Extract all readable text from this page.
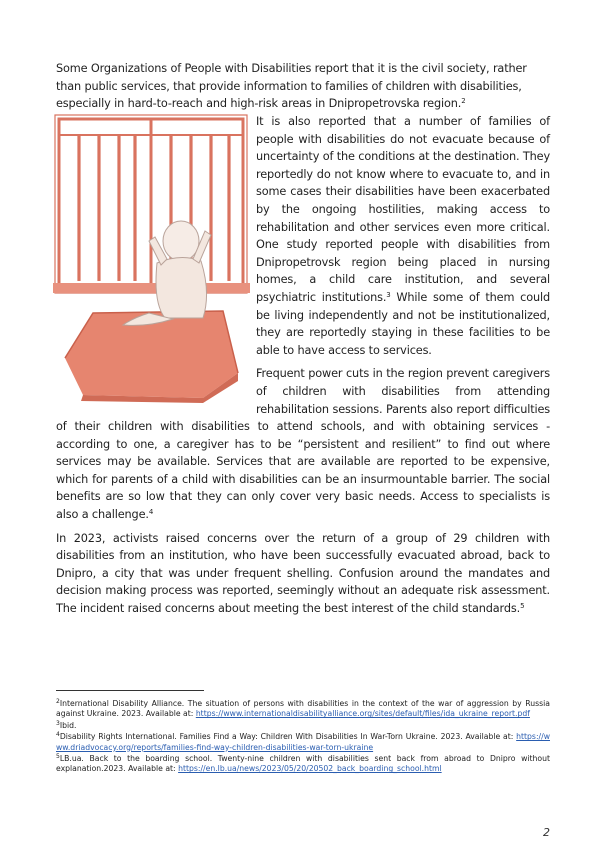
Some Organizations of People with Disabilities report that it is the civil society, rather than public services, that provide information to families of children with disabilities, especially in hard-to-reach and high-risk areas in Dnipropetrovska region.$^2$

It is also reported that a number of families of people with disabilities do not evacuate because of uncertainty of the conditions at the destination. They reportedly do not know where to evacuate to, and in some cases their disabilities have been exacerbated by the ongoing hostilities, making access to rehabilitation and other services even more critical. One study reported people with disabilities from Dnipropetrovsk region being placed in nursing homes, a child care institution, and several psychiatric institutions.$^3$ While some of them could be living independently and not be institutionalized, they are reportedly staying in these facilities to be able to have access to services.

Frequent power cuts in the region prevent caregivers of children with disabilities from attending rehabilitation sessions. Parents also report difficulties of their children with disabilities to attend schools, and with obtaining services - according to one, a caregiver has to be “persistent and resilient” to find out where services may be available. Services that are available are reported to be expensive, which for parents of a child with disabilities can be an insurmountable barrier. The social benefits are so low that they can only cover very basic needs. Access to specialists is also a challenge.$^4$

In 2023, activists raised concerns over the return of a group of 29 children with disabilities from an institution, who have been successfully evacuated abroad, back to Dnipro, a city that was under frequent shelling. Confusion around the mandates and decision making process was reported, seemingly without an adequate risk assessment. The incident raised concerns about meeting the best interest of the child standards.$^5$

$^2$International Disability Alliance. The situation of persons with disabilities in the context of the war of aggression by Russia against Ukraine. 2023. Available at: https://www.internationaldisabilityalliance.org/sites/default/files/ida_ukraine_report.pdf
$^3$Ibid.
$^4$Disability Rights International. Families Find a Way: Children With Disabilities In War-Torn Ukraine. 2023. Available at: https://www.driadvocacy.org/reports/families-find-way-children-disabilities-war-torn-ukraine
$^5$LB.ua. Back to the boarding school. Twenty-nine children with disabilities sent back from abroad to Dnipro without explanation.2023. Available at: https://en.lb.ua/news/2023/05/20/20502_back_boarding_school.html
2
